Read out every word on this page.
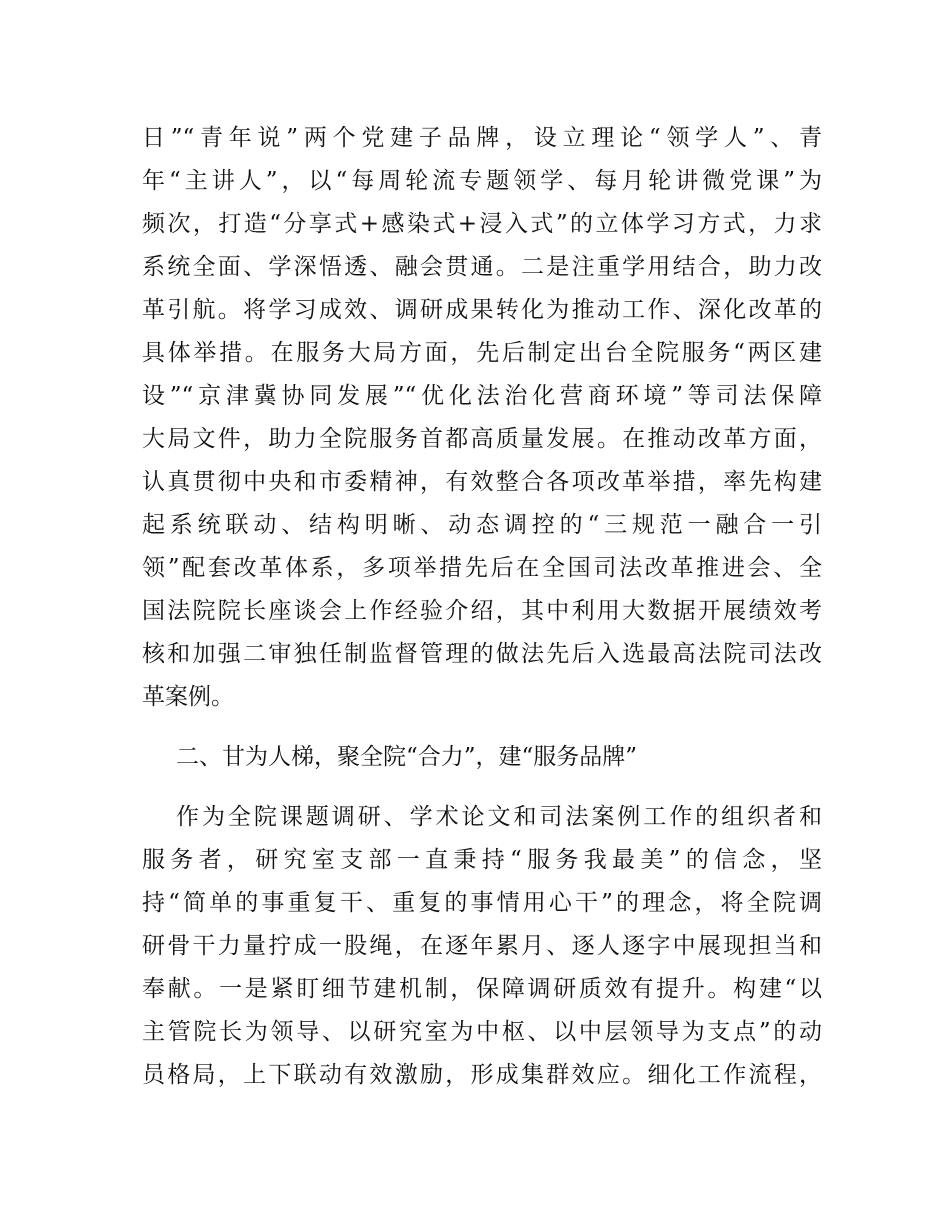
日”“青年说”两个党建子品牌，设立理论“领学人”、青
年“主讲人”，以“每周轮流专题领学、每月轮讲微党课”为
频次，打造“分享式+感染式+浸入式”的立体学习方式，力求
系统全面、学深悟透、融会贯通。二是注重学用结合，助力改
革引航。将学习成效、调研成果转化为推动工作、深化改革的
具体举措。在服务大局方面，先后制定出台全院服务“两区建
设”“京津冀协同发展”“优化法治化营商环境”等司法保障
大局文件，助力全院服务首都高质量发展。在推动改革方面，
认真贯彻中央和市委精神，有效整合各项改革举措，率先构建
起系统联动、结构明晰、动态调控的“三规范一融合一引
领”配套改革体系，多项举措先后在全国司法改革推进会、全
国法院院长座谈会上作经验介绍，其中利用大数据开展绩效考
核和加强二审独任制监督管理的做法先后入选最高法院司法改
革案例。
二、甘为人梯，聚全院“合力”，建“服务品牌”
作为全院课题调研、学术论文和司法案例工作的组织者和
服务者，研究室支部一直秉持“服务我最美”的信念，坚
持“简单的事重复干、重复的事情用心干”的理念，将全院调
研骨干力量拧成一股绳，在逐年累月、逐人逐字中展现担当和
奉献。一是紧盯细节建机制，保障调研质效有提升。构建“以
主管院长为领导、以研究室为中枢、以中层领导为支点”的动
员格局，上下联动有效激励，形成集群效应。细化工作流程，
